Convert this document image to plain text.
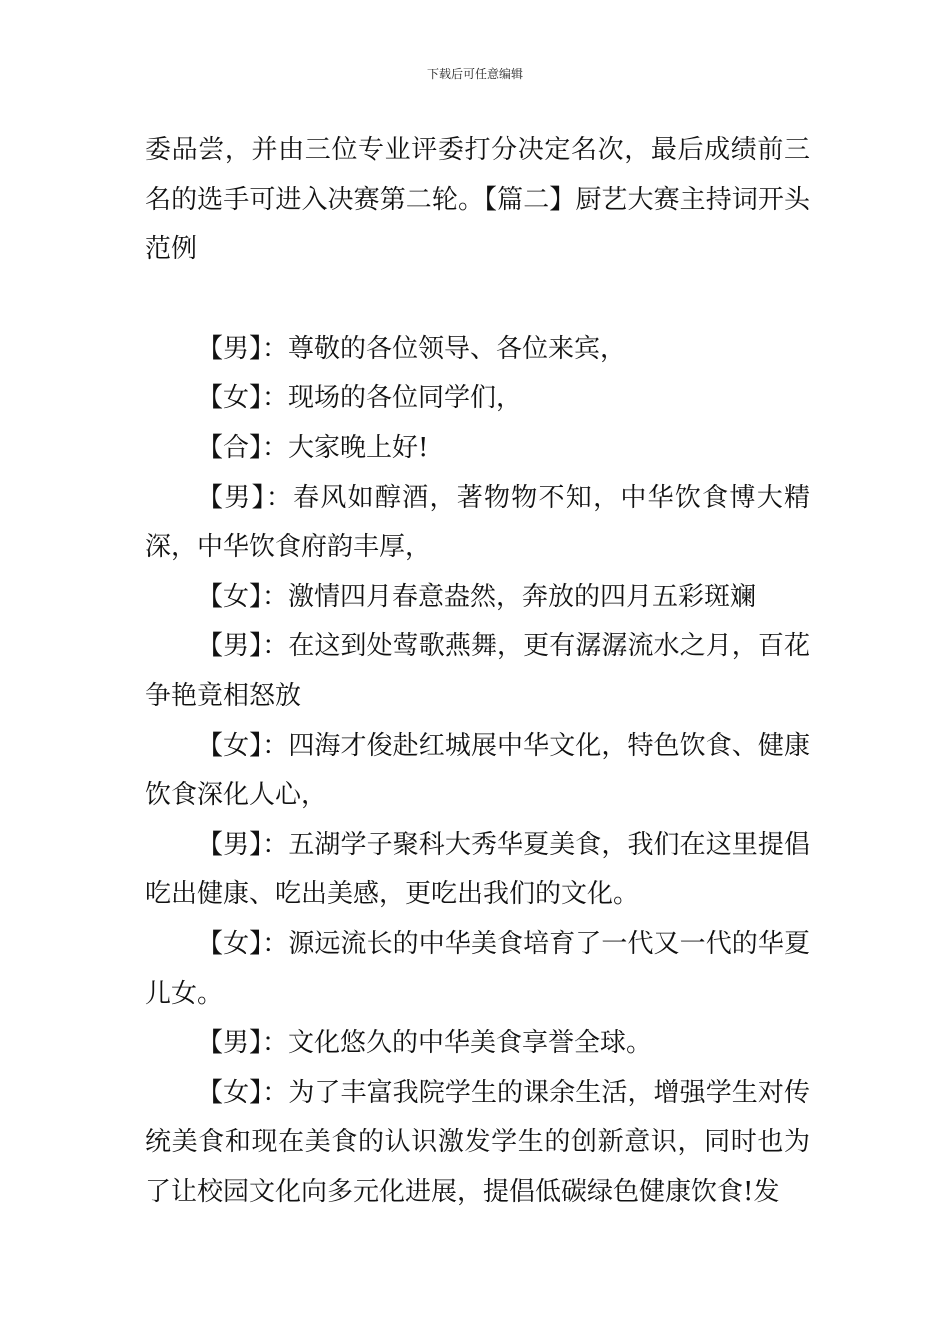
下载后可任意编辑

委品尝，并由三位专业评委打分决定名次，最后成绩前三名的选手可进入决赛第二轮。【篇二】厨艺大赛主持词开头范例

【男】：尊敬的各位领导、各位来宾，

【女】：现场的各位同学们，

【合】：大家晚上好!

【男】：春风如醇酒，著物物不知，中华饮食博大精深，中华饮食府韵丰厚，

【女】：激情四月春意盎然，奔放的四月五彩斑斓

【男】：在这到处莺歌燕舞，更有潺潺流水之月，百花争艳竟相怒放

【女】：四海才俊赴红城展中华文化，特色饮食、健康饮食深化人心，

【男】：五湖学子聚科大秀华夏美食，我们在这里提倡吃出健康、吃出美感，更吃出我们的文化。

【女】：源远流长的中华美食培育了一代又一代的华夏儿女。

【男】：文化悠久的中华美食享誉全球。

【女】：为了丰富我院学生的课余生活，增强学生对传统美食和现在美食的认识激发学生的创新意识，同时也为了让校园文化向多元化进展，提倡低碳绿色健康饮食!发
